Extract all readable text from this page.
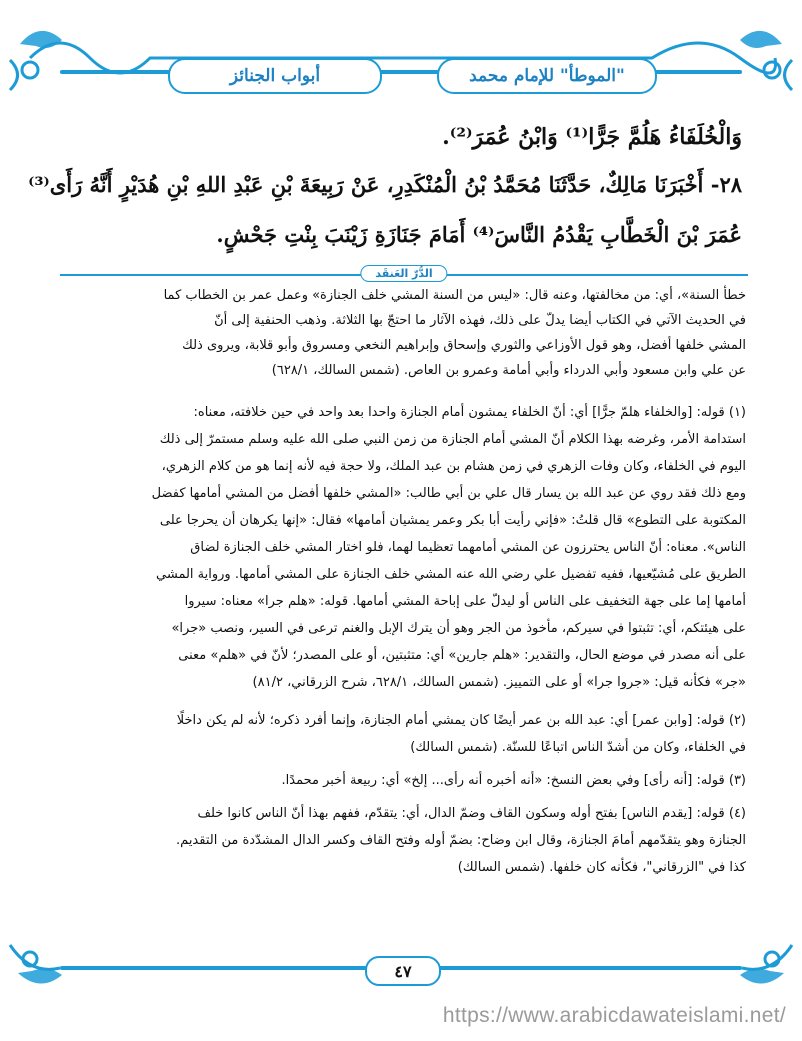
أبواب الجنائز	"الموطأ" للإمام محمد
وَالْخُلَفَاءُ هَلُمَّ جَرًّا⁽¹⁾ وَابْنُ عُمَرَ⁽²⁾.
٢٨- أَخْبَرَنَا مَالِكٌ، حَدَّثَنَا مُحَمَّدُ بْنُ الْمُنْكَدِرِ، عَنْ رَبِيعَةَ بْنِ عَبْدِ اللهِ بْنِ هُدَيْرٍ أَنَّهُ رَأَى⁽³⁾
عُمَرَ بْنَ الْخَطَّابِ يَقْدُمُ النَّاسَ⁽⁴⁾ أَمَامَ جَنَازَةِ زَيْنَبَ بِنْتِ جَحْشٍ.
الدُّرّ العَنقَد
خطأ السنة»، أي: من مخالفتها، وعنه قال: «ليس من السنة المشي خلف الجنازة» وعمل عمر بن الخطاب كما
في الحديث الآتي في الكتاب أيضا يدلّ على ذلك، فهذه الآثار ما احتجّ بها الثلاثة. وذهب الحنفية إلى أنّ
المشي خلفها أفضل، وهو قول الأوزاعي والثوري وإسحاق وإبراهيم النخعي ومسروق وأبو قلابة، ويروى ذلك
عن علي وابن مسعود وأبي الدرداء وأبي أمامة وعمرو بن العاص. (شمس السالك، ٦٢٨/١)
(١) قوله: [والخلفاء هلمّ جرًّا] أي: أنّ الخلفاء يمشون أمام الجنازة واحدا بعد واحد في حين خلافته، معناه:
استدامة الأمر، وغرضه بهذا الكلام أنّ المشي أمام الجنازة من زمن النبي صلى الله عليه وسلم مستمرّ إلى ذلك
اليوم في الخلفاء، وكان وفات الزهري في زمن هشام بن عبد الملك، ولا حجة فيه لأنه إنما هو من كلام الزهري،
ومع ذلك فقد روي عن عبد الله بن يسار قال علي بن أبي طالب: «المشي خلفها أفضل من المشي أمامها كفضل
المكتوبة على التطوع» قال قلتُ: «فإني رأيت أبا بكر وعمر يمشيان أمامها» فقال: «إنها يكرهان أن يحرجا على
الناس». معناه: أنّ الناس يحترزون عن المشي أمامهما تعظيما لهما، فلو اختار المشي خلف الجنازة لضاق
الطريق على مُشيّعيها، ففيه تفضيل علي رضي الله عنه المشي خلف الجنازة على المشي أمامها. ورواية المشي
أمامها إما على جهة التخفيف على الناس أو ليدلّ على إباحة المشي أمامها. قوله: «هلم جرا» معناه: سيروا
على هيئتكم، أي: تثبتوا في سيركم، مأخوذ من الجر وهو أن يترك الإبل والغنم ترعى في السير، ونصب «جرا»
على أنه مصدر في موضع الحال، والتقدير: «هلم جارين» أي: متثبتين، أو على المصدر؛ لأنّ في «هلم» معنى
«جر» فكأنه قيل: «جروا جرا» أو على التمييز. (شمس السالك، ٦٢٨/١، شرح الزرقاني، ٨١/٢)
(٢) قوله: [وابن عمر] أي: عبد الله بن عمر أيضًا كان يمشي أمام الجنازة، وإنما أفرد ذكره؛ لأنه لم يكن داخلًا
في الخلفاء، وكان من أشدّ الناس اتباعًا للسنّة. (شمس السالك)
(٣) قوله: [أنه رأى] وفي بعض النسخ: «أنه أخبره أنه رأى... إلخ» أي: ربيعة أخبر محمدًا.
(٤) قوله: [يقدم الناس] بفتح أوله وسكون القاف وضمّ الدال، أي: يتقدّم، ففهم بهذا أنّ الناس كانوا خلف
الجنازة وهو يتقدّمهم أمامَ الجنازة، وقال ابن وضاح: بضمّ أوله وفتح القاف وكسر الدال المشدّدة من التقديم.
كذا في "الزرقاني"، فكأنه كان خلفها. (شمس السالك)
٤٧
https://www.arabicdawateislami.net/
